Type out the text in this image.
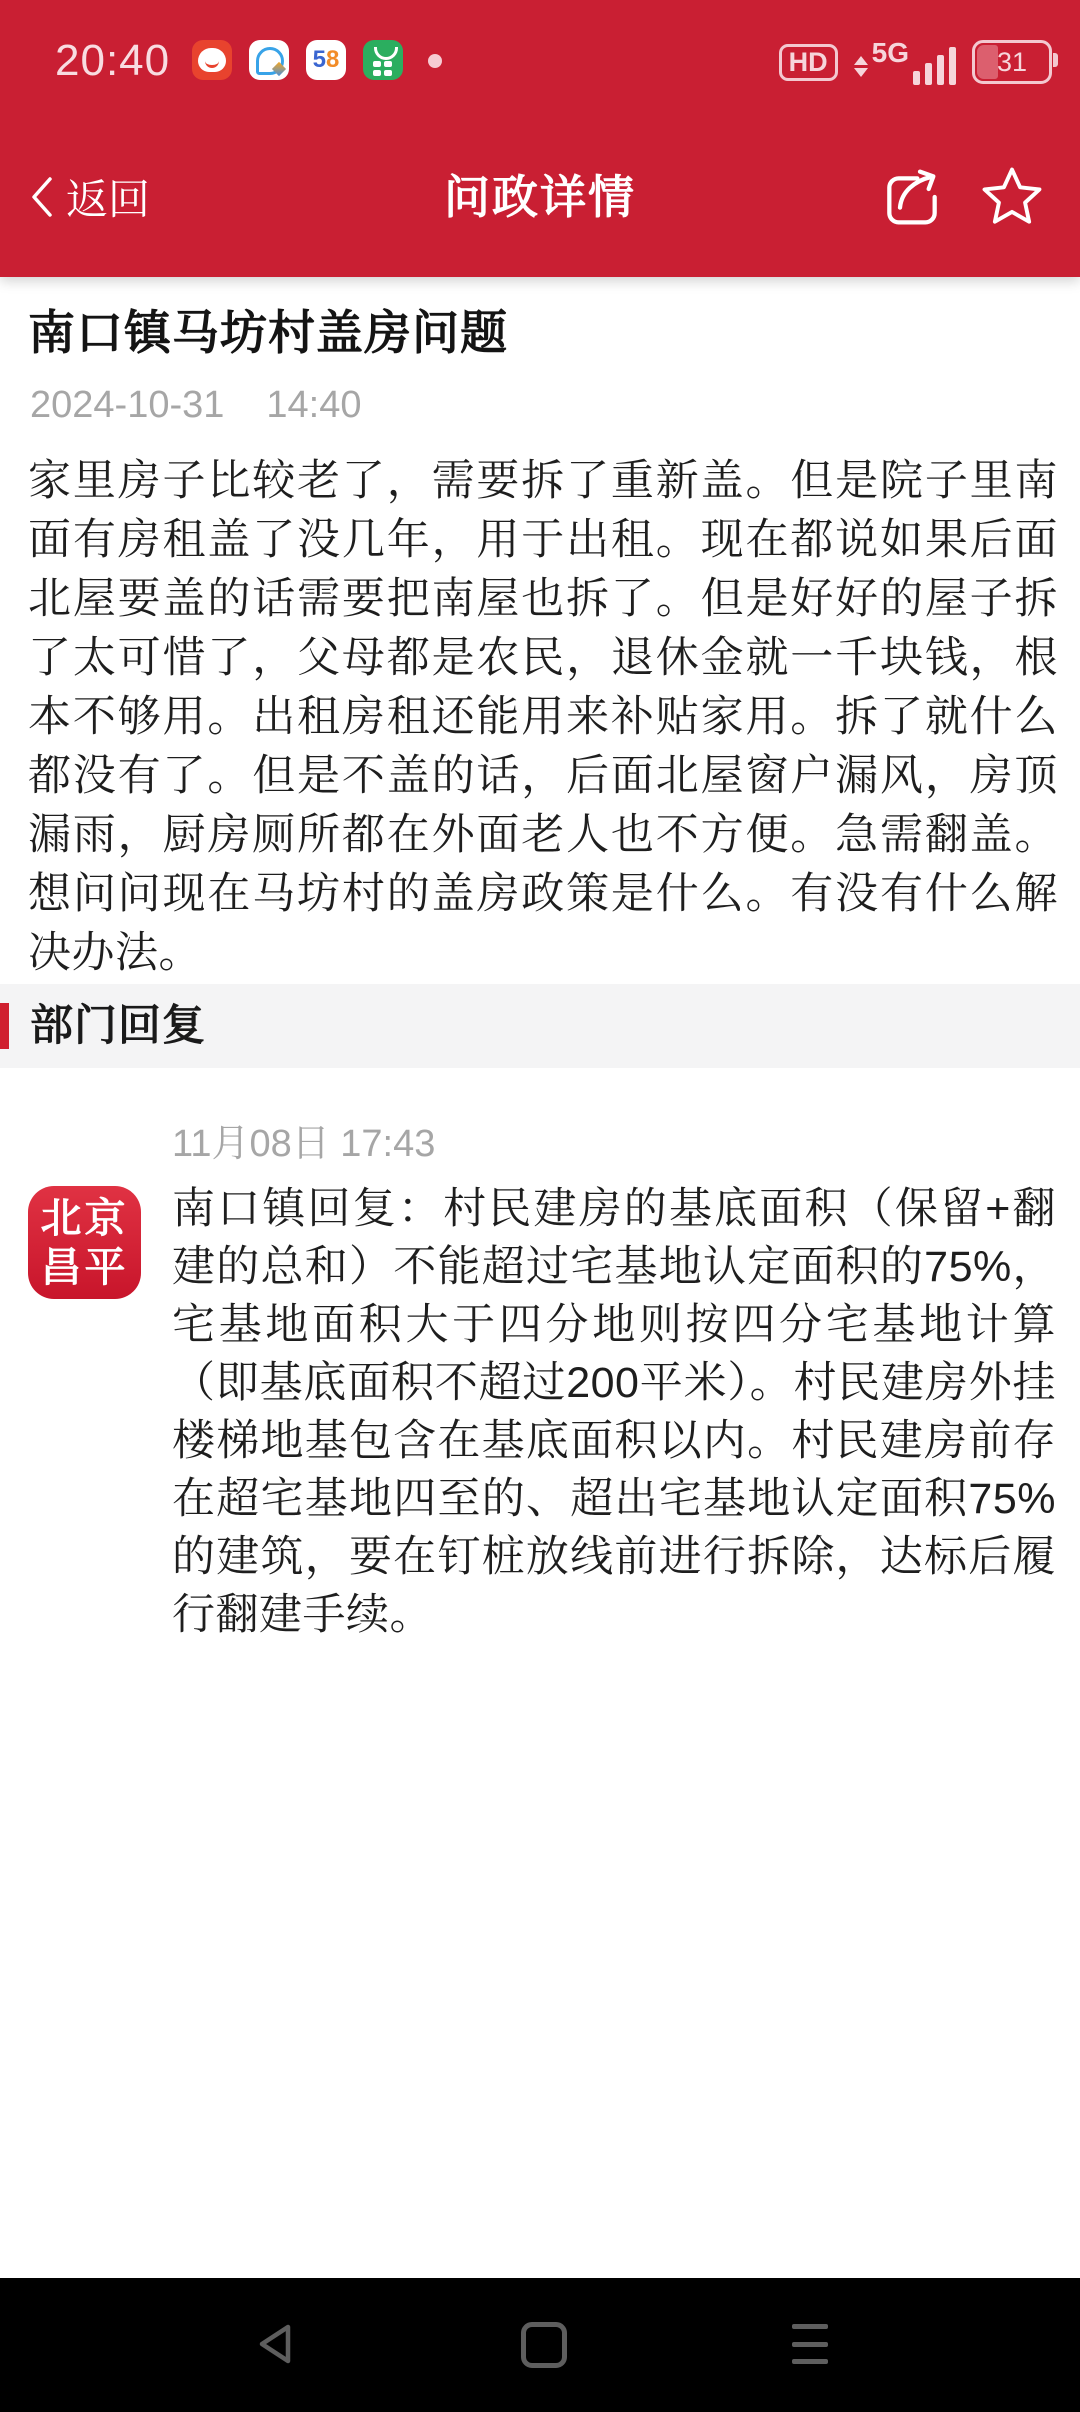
20:40	5 8	HD	5G	31
返回	问政详情
南口镇马坊村盖房问题
2024-10-31 14:40
家里房子比较老了，需要拆了重新盖。但是院子里南面有房租盖了没几年，用于出租。现在都说如果后面北屋要盖的话需要把南屋也拆了。但是好好的屋子拆了太可惜了，父母都是农民，退休金就一千块钱，根本不够用。出租房租还能用来补贴家用。拆了就什么都没有了。但是不盖的话，后面北屋窗户漏风，房顶漏雨，厨房厕所都在外面老人也不方便。急需翻盖。想问问现在马坊村的盖房政策是什么。有没有什么解决办法。
部门回复
11月08日 17:43
北京
昌平
南口镇回复：村民建房的基底面积（保留+翻建的总和）不能超过宅基地认定面积的75%，宅基地面积大于四分地则按四分宅基地计算（即基底面积不超过200平米）。村民建房外挂楼梯地基包含在基底面积以内。村民建房前存在超宅基地四至的、超出宅基地认定面积75%的建筑，要在钉桩放线前进行拆除，达标后履行翻建手续。
